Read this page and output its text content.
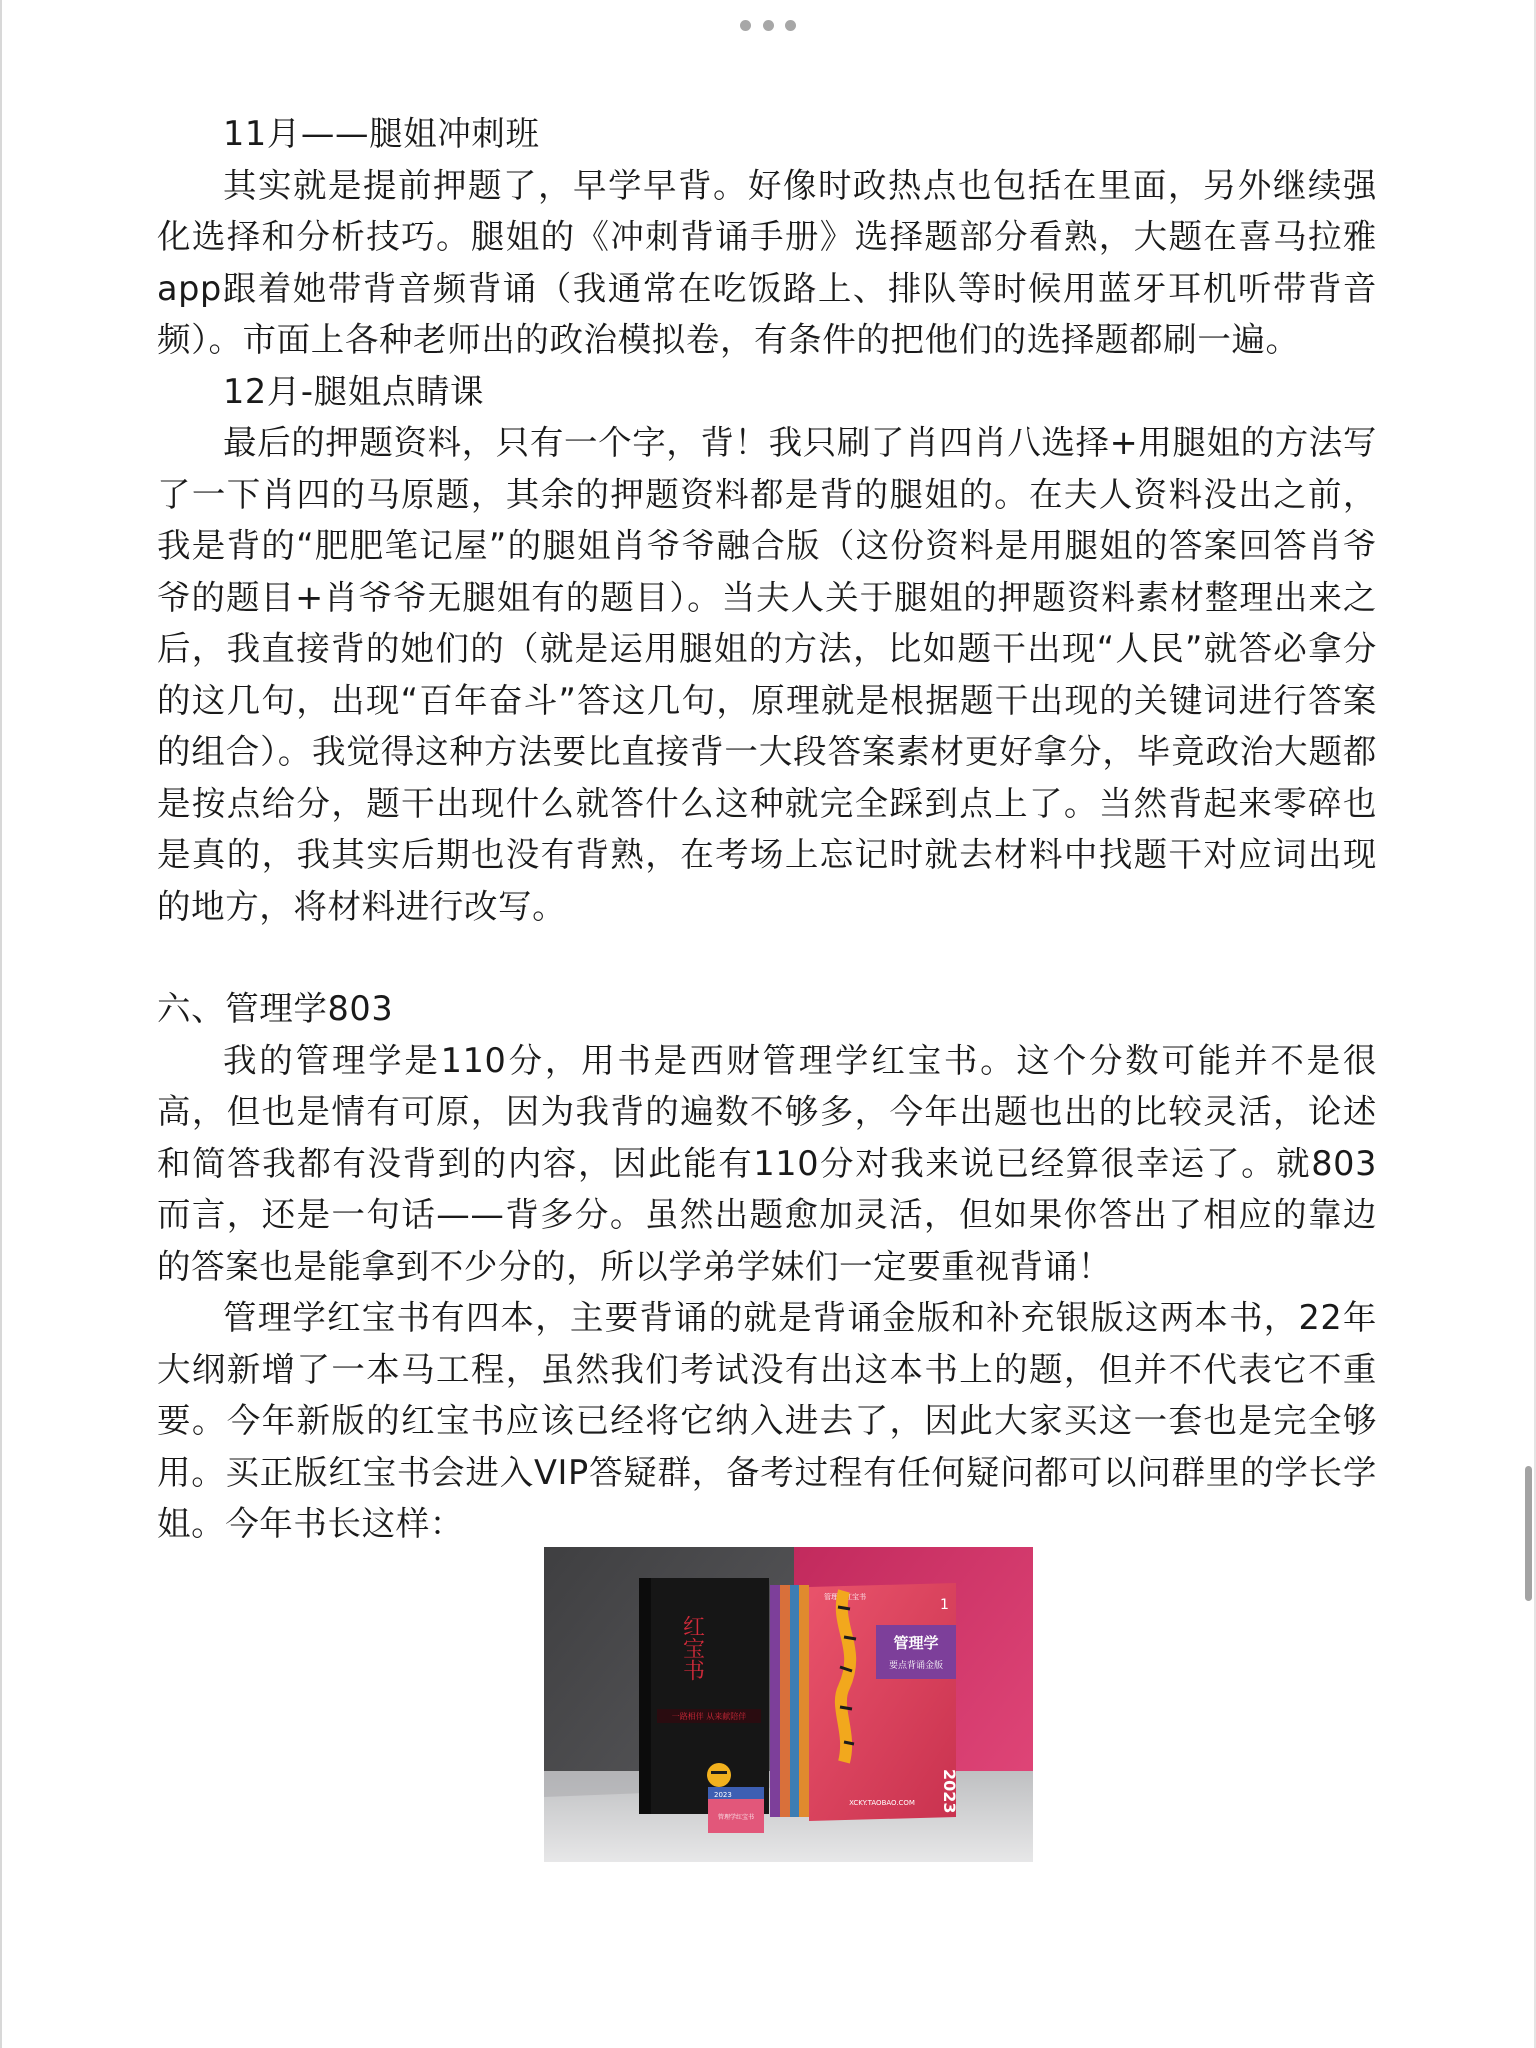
11月——腿姐冲刺班

其实就是提前押题了，早学早背。好像时政热点也包括在里面，另外继续强化选择和分析技巧。腿姐的《冲刺背诵手册》选择题部分看熟，大题在喜马拉雅app跟着她带背音频背诵（我通常在吃饭路上、排队等时候用蓝牙耳机听带背音频）。市面上各种老师出的政治模拟卷，有条件的把他们的选择题都刷一遍。

12月-腿姐点睛课

最后的押题资料，只有一个字，背！我只刷了肖四肖八选择+用腿姐的方法写了一下肖四的马原题，其余的押题资料都是背的腿姐的。在夫人资料没出之前，我是背的“肥肥笔记屋”的腿姐肖爷爷融合版（这份资料是用腿姐的答案回答肖爷爷的题目+肖爷爷无腿姐有的题目）。当夫人关于腿姐的押题资料素材整理出来之后，我直接背的她们的（就是运用腿姐的方法，比如题干出现“人民”就答必拿分的这几句，出现“百年奋斗”答这几句，原理就是根据题干出现的关键词进行答案的组合）。我觉得这种方法要比直接背一大段答案素材更好拿分，毕竟政治大题都是按点给分，题干出现什么就答什么这种就完全踩到点上了。当然背起来零碎也是真的，我其实后期也没有背熟，在考场上忘记时就去材料中找题干对应词出现的地方，将材料进行改写。

六、管理学803

我的管理学是110分，用书是西财管理学红宝书。这个分数可能并不是很高，但也是情有可原，因为我背的遍数不够多，今年出题也出的比较灵活，论述和简答我都有没背到的内容，因此能有110分对我来说已经算很幸运了。就803而言，还是一句话——背多分。虽然出题愈加灵活，但如果你答出了相应的靠边的答案也是能拿到不少分的，所以学弟学妹们一定要重视背诵！

管理学红宝书有四本，主要背诵的就是背诵金版和补充银版这两本书，22年大纲新增了一本马工程，虽然我们考试没有出这本书上的题，但并不代表它不重要。今年新版的红宝书应该已经将它纳入进去了，因此大家买这一套也是完全够用。买正版红宝书会进入VIP答疑群，备考过程有任何疑问都可以问群里的学长学姐。今年书长这样：

红宝书
一路相伴 从来献陪伴
管理学红宝书	1
管理学
要点背诵金版
2023
XCKY.TAOBAO.COM
2023
管理学红宝书
